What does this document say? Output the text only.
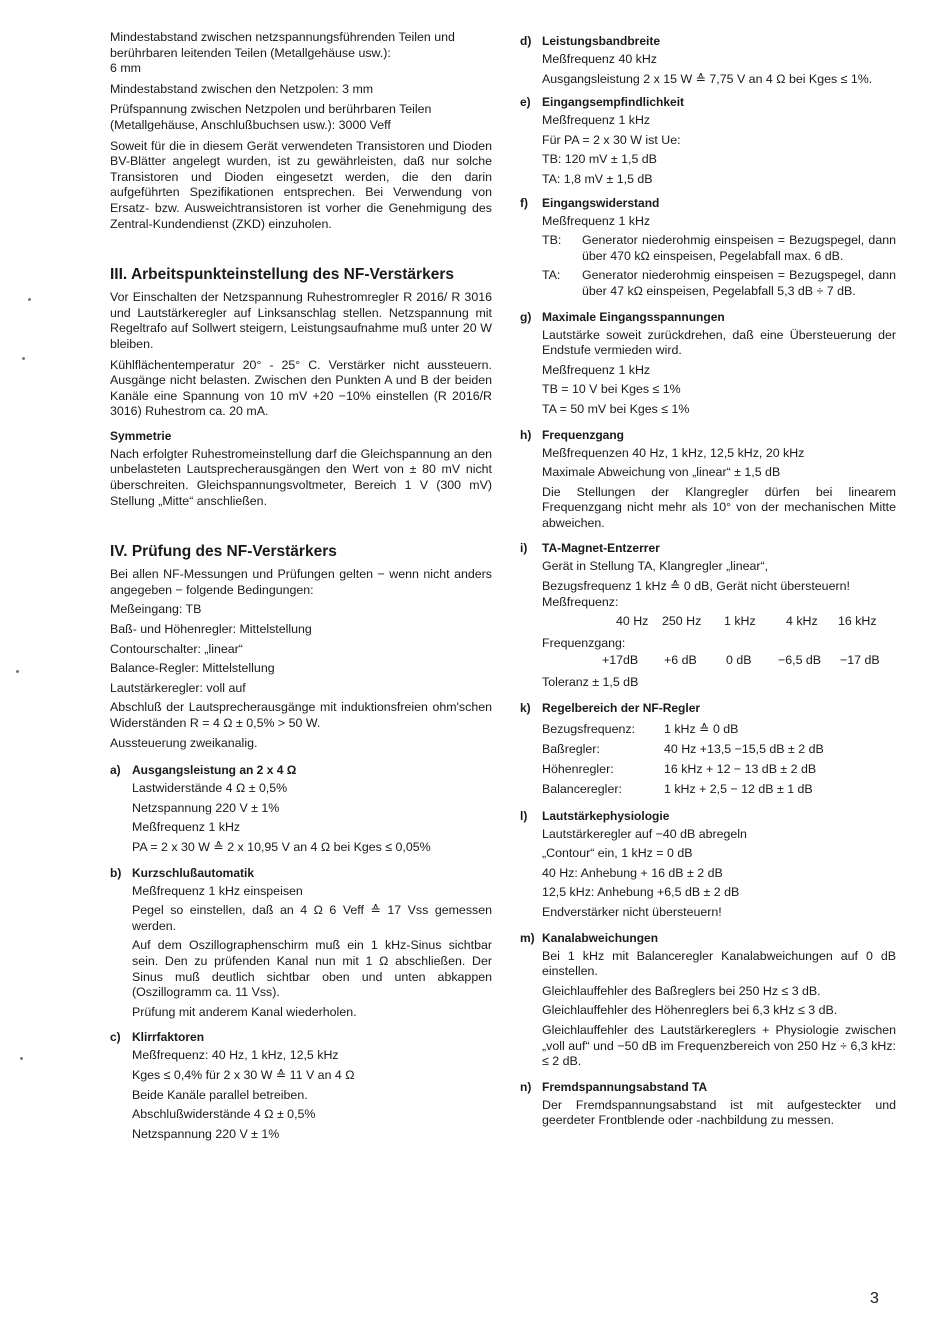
Mindestabstand zwischen netzspannungsführenden Teilen und berührbaren leitenden Teilen (Metallgehäuse usw.):

6 mm

Mindestabstand zwischen den Netzpolen: 3 mm

Prüfspannung zwischen Netzpolen und berührbaren Teilen (Metallgehäuse, Anschlußbuchsen usw.): 3000 Veff

Soweit für die in diesem Gerät verwendeten Transistoren und Dioden BV-Blätter angelegt wurden, ist zu gewährleisten, daß nur solche Transistoren und Dioden eingesetzt werden, die den darin aufgeführten Spezifikationen entsprechen. Bei Verwendung von Ersatz- bzw. Ausweichtransistoren ist vorher die Genehmigung des Zentral-Kundendienst (ZKD) einzuholen.

III. Arbeitspunkteinstellung des NF-Verstärkers

Vor Einschalten der Netzspannung Ruhestromregler R 2016/ R 3016 und Lautstärkeregler auf Linksanschlag stellen. Netzspannung mit Regeltrafo auf Sollwert steigern, Leistungsaufnahme muß unter 20 W bleiben.

Kühlflächentemperatur 20° - 25° C. Verstärker nicht aussteuern. Ausgänge nicht belasten. Zwischen den Punkten A und B der beiden Kanäle eine Spannung von 10 mV +20 −10% einstellen (R 2016/R 3016) Ruhestrom ca. 20 mA.

Symmetrie

Nach erfolgter Ruhestromeinstellung darf die Gleichspannung an den unbelasteten Lautsprecherausgängen den Wert von ± 80 mV nicht überschreiten. Gleichspannungsvoltmeter, Bereich 1 V (300 mV) Stellung „Mitte“ anschließen.

IV. Prüfung des NF-Verstärkers

Bei allen NF-Messungen und Prüfungen gelten − wenn nicht anders angegeben − folgende Bedingungen:

Meßeingang: TB

Baß- und Höhenregler: Mittelstellung

Contourschalter: „linear“

Balance-Regler: Mittelstellung

Lautstärkeregler: voll auf

Abschluß der Lautsprecherausgänge mit induktionsfreien ohm'schen Widerständen R = 4 Ω ± 0,5% > 50 W.

Aussteuerung zweikanalig.

a) Ausgangsleistung an 2 x 4 Ω

Lastwiderstände 4 Ω ± 0,5%

Netzspannung 220 V ± 1%

Meßfrequenz 1 kHz

PA = 2 x 30 W ≙ 2 x 10,95 V an 4 Ω bei Kges ≤ 0,05%

b) Kurzschlußautomatik

Meßfrequenz 1 kHz einspeisen

Pegel so einstellen, daß an 4 Ω 6 Veff ≙ 17 Vss gemessen werden.

Auf dem Oszillographenschirm muß ein 1 kHz-Sinus sichtbar sein. Den zu prüfenden Kanal nun mit 1 Ω abschließen. Der Sinus muß deutlich sichtbar oben und unten abkappen (Oszillogramm ca. 11 Vss).

Prüfung mit anderem Kanal wiederholen.

c) Klirrfaktoren

Meßfrequenz: 40 Hz, 1 kHz, 12,5 kHz

Kges ≤ 0,4% für 2 x 30 W ≙ 11 V an 4 Ω

Beide Kanäle parallel betreiben.

Abschlußwiderstände 4 Ω ± 0,5%

Netzspannung 220 V ± 1%

d) Leistungsbandbreite

Meßfrequenz 40 kHz

Ausgangsleistung 2 x 15 W ≙ 7,75 V an 4 Ω bei Kges ≤ 1%.

e) Eingangsempfindlichkeit

Meßfrequenz 1 kHz

Für PA = 2 x 30 W ist Ue:

TB: 120 mV ± 1,5 dB

TA: 1,8 mV ± 1,5 dB

f) Eingangswiderstand

Meßfrequenz 1 kHz

TB:	Generator niederohmig einspeisen = Bezugspegel, dann über 470 kΩ einspeisen, Pegelabfall max. 6 dB.
TA:	Generator niederohmig einspeisen = Bezugspegel, dann über 47 kΩ einspeisen, Pegelabfall 5,3 dB ÷ 7 dB.
g) Maximale Eingangsspannungen

Lautstärke soweit zurückdrehen, daß eine Übersteuerung der Endstufe vermieden wird.

Meßfrequenz 1 kHz

TB = 10 V bei Kges ≤ 1%

TA = 50 mV bei Kges ≤ 1%

h) Frequenzgang

Meßfrequenzen 40 Hz, 1 kHz, 12,5 kHz, 20 kHz

Maximale Abweichung von „linear“ ± 1,5 dB

Die Stellungen der Klangregler dürfen bei linearem Frequenzgang nicht mehr als 10° von der mechanischen Mitte abweichen.

i) TA-Magnet-Entzerrer

Gerät in Stellung TA, Klangregler „linear“,

Bezugsfrequenz 1 kHz ≙ 0 dB, Gerät nicht übersteuern!

Meßfrequenz:

40 Hz	250 Hz	1 kHz	4 kHz	16 kHz

Frequenzgang:

+17dB	+6 dB	0 dB	−6,5 dB	−17 dB

Toleranz ± 1,5 dB

k) Regelbereich der NF-Regler
Bezugsfrequenz:	1 kHz ≙ 0 dB
Baßregler:	40 Hz +13,5 −15,5 dB ± 2 dB
Höhenregler:	16 kHz + 12 − 13 dB ± 2 dB
Balanceregler:	1 kHz + 2,5 − 12 dB ± 1 dB
l) Lautstärkephysiologie

Lautstärkeregler auf −40 dB abregeln

„Contour“ ein, 1 kHz = 0 dB

40 Hz: Anhebung + 16 dB ± 2 dB

12,5 kHz: Anhebung +6,5 dB ± 2 dB

Endverstärker nicht übersteuern!

m) Kanalabweichungen

Bei 1 kHz mit Balanceregler Kanalabweichungen auf 0 dB einstellen.

Gleichlauffehler des Baßreglers bei 250 Hz ≤ 3 dB.

Gleichlauffehler des Höhenreglers bei 6,3 kHz ≤ 3 dB.

Gleichlauffehler des Lautstärkereglers + Physiologie zwischen „voll auf“ und −50 dB im Frequenzbereich von 250 Hz ÷ 6,3 kHz: ≤ 2 dB.

n) Fremdspannungsabstand TA

Der Fremdspannungsabstand ist mit aufgesteckter und geerdeter Frontblende oder -nachbildung zu messen.

3
